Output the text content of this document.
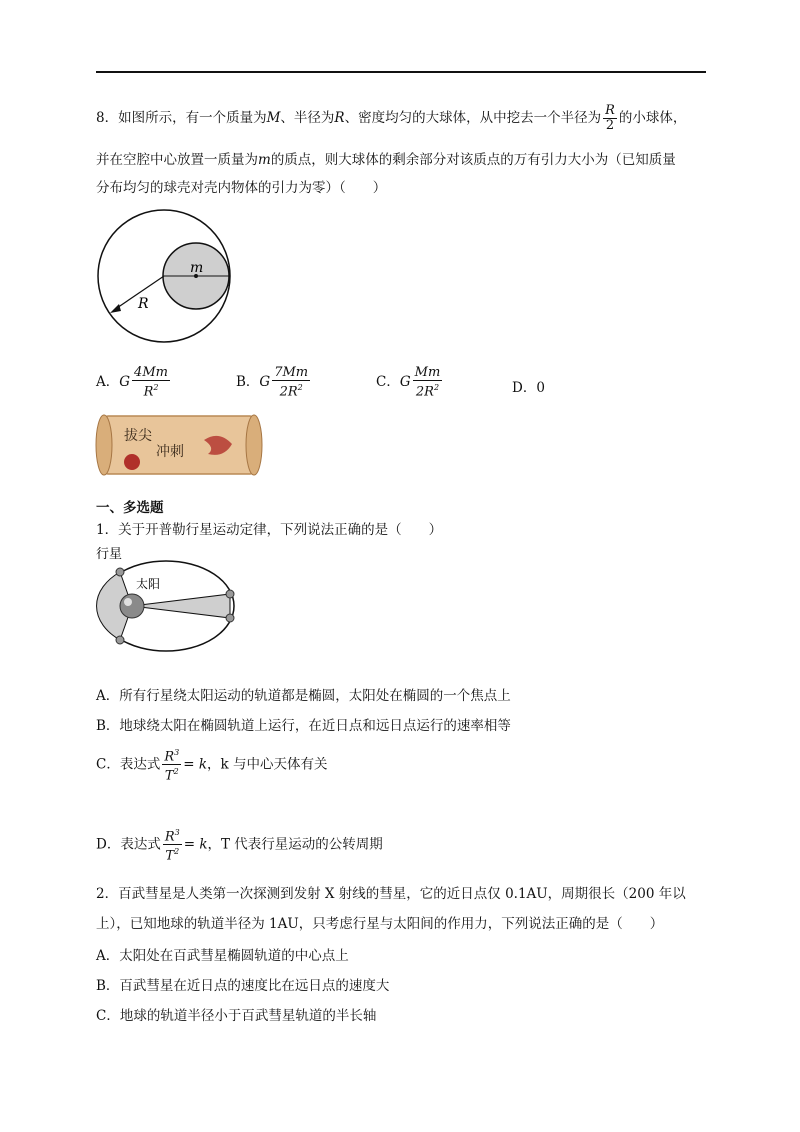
8．如图所示，有一个质量为M、半径为R、密度均匀的大球体，从中挖去一个半径为 $\frac{R}{2}$ 的小球体，
并在空腔中心放置一质量为m的质点，则大球体的剩余部分对该质点的万有引力大小为（已知质量
分布均匀的球壳对壳内物体的引力为零）（　　）
m
R
A．G $\frac{4Mm}{R^2}$	B．G $\frac{7Mm}{2R^2}$	C．G $\frac{Mm}{2R^2}$	D．0
拔尖
冲刺
一、多选题
1．关于开普勒行星运动定律，下列说法正确的是（　　）
行星
太阳
A．所有行星绕太阳运动的轨道都是椭圆，太阳处在椭圆的一个焦点上
B．地球绕太阳在椭圆轨道上运行，在近日点和远日点运行的速率相等
C．表达式 $\frac{R^3}{T^2} = k$，k 与中心天体有关
D．表达式 $\frac{R^3}{T^2} = k$，T 代表行星运动的公转周期
2．百武彗星是人类第一次探测到发射 X 射线的彗星，它的近日点仅 0.1AU，周期很长（200 年以
上），已知地球的轨道半径为 1AU，只考虑行星与太阳间的作用力，下列说法正确的是（　　）
A．太阳处在百武彗星椭圆轨道的中心点上
B．百武彗星在近日点的速度比在远日点的速度大
C．地球的轨道半径小于百武彗星轨道的半长轴
